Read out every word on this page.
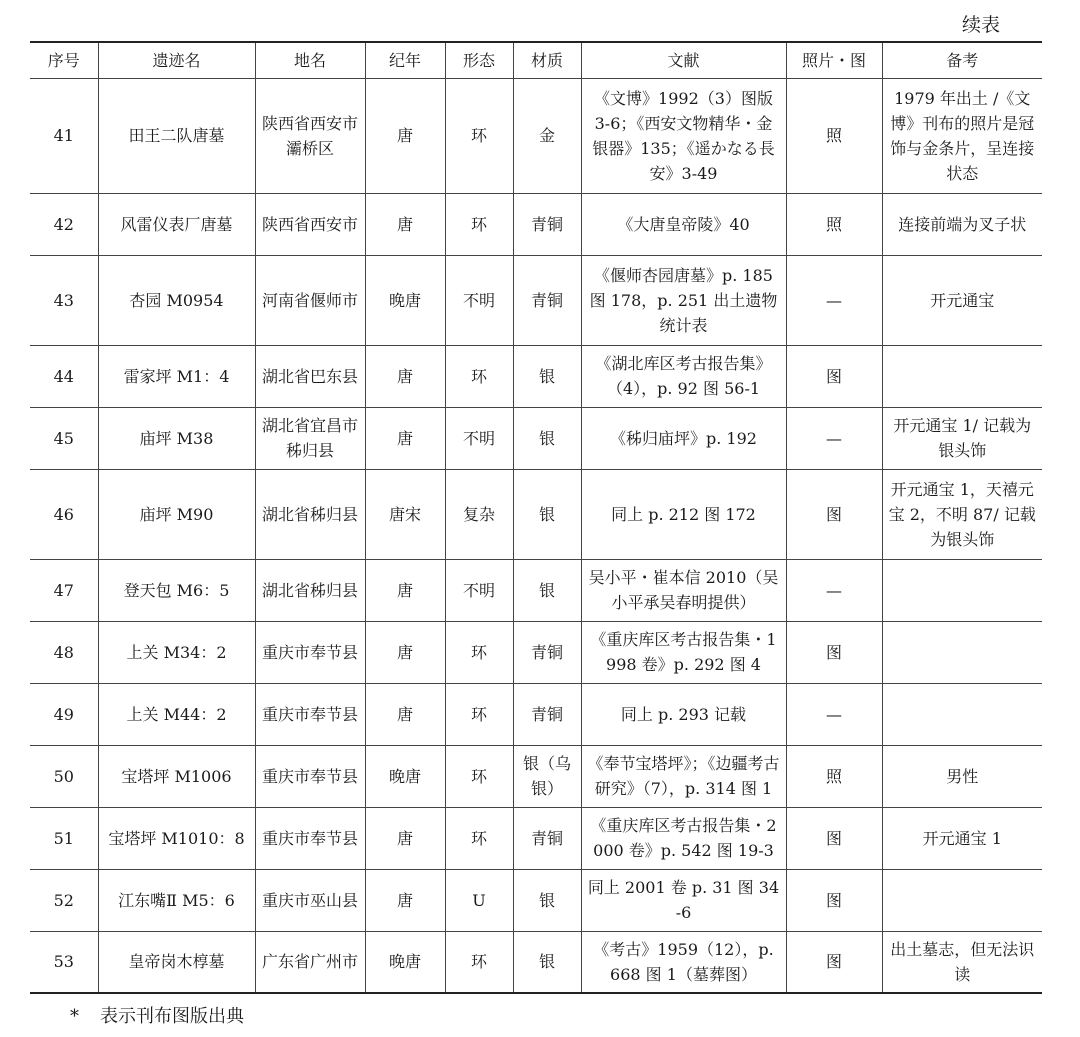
续表
序号	遗迹名	地名	纪年	形态	材质	文献	照片・图	备考
41	田王二队唐墓	陕西省西安市灞桥区	唐	环	金	《文博》1992（3）图版 3-6；《西安文物精华・金银器》135；《遥かなる長安》3-49	照	1979 年出土 /《文博》刊布的照片是冠饰与金条片，呈连接状态
42	风雷仪表厂唐墓	陕西省西安市	唐	环	青铜	《大唐皇帝陵》40	照	连接前端为叉子状
43	杏园 M0954	河南省偃师市	晚唐	不明	青铜	《偃师杏园唐墓》p. 185 图 178，p. 251 出土遗物统计表	—	开元通宝
44	雷家坪 M1：4	湖北省巴东县	唐	环	银	《湖北库区考古报告集》（4），p. 92 图 56-1	图	
45	庙坪 M38	湖北省宜昌市秭归县	唐	不明	银	《秭归庙坪》p. 192	—	开元通宝 1/ 记载为银头饰
46	庙坪 M90	湖北省秭归县	唐宋	复杂	银	同上 p. 212 图 172	图	开元通宝 1，天禧元宝 2，不明 87/ 记载为银头饰
47	登天包 M6：5	湖北省秭归县	唐	不明	银	吴小平・崔本信 2010（吴小平承吴春明提供）	—	
48	上关 M34：2	重庆市奉节县	唐	环	青铜	《重庆库区考古报告集・1998 卷》p. 292 图 4	图	
49	上关 M44：2	重庆市奉节县	唐	环	青铜	同上 p. 293 记载	—	
50	宝塔坪 M1006	重庆市奉节县	晚唐	环	银（乌银）	《奉节宝塔坪》；《边疆考古研究》（7），p. 314 图 1	照	男性
51	宝塔坪 M1010：8	重庆市奉节县	唐	环	青铜	《重庆库区考古报告集・2000 卷》p. 542 图 19-3	图	开元通宝 1
52	江东嘴Ⅱ M5：6	重庆市巫山县	唐	U	银	同上 2001 卷 p. 31 图 34-6	图	
53	皇帝岗木椁墓	广东省广州市	晚唐	环	银	《考古》1959（12），p. 668 图 1（墓葬图）	图	出土墓志，但无法识读
* 表示刊布图版出典
